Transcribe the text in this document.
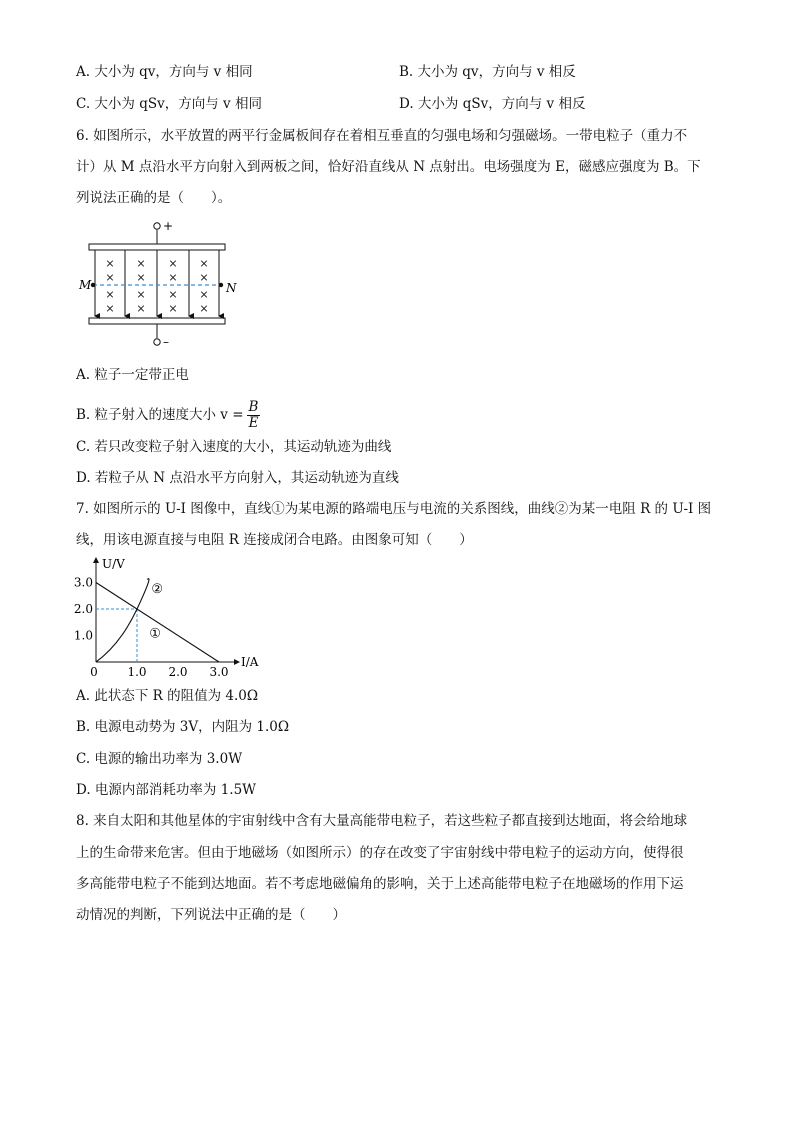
A. 大小为 qv，方向与 v 相同	B. 大小为 qv，方向与 v 相反
C. 大小为 qSv，方向与 v 相同	D. 大小为 qSv，方向与 v 相反
6. 如图所示，水平放置的两平行金属板间存在着相互垂直的匀强电场和匀强磁场。一带电粒子（重力不
计）从 M 点沿水平方向射入到两板之间，恰好沿直线从 N 点射出。电场强度为 E，磁感应强度为 B。下
列说法正确的是（　　）。
+
–
M	N
×
×
×
×
×
×
×
×
×
×
×
×
×
×
×
×
A. 粒子一定带正电
B. 粒子射入的速度大小 $v = \frac{B}{E}$
C. 若只改变粒子射入速度的大小，其运动轨迹为曲线
D. 若粒子从 N 点沿水平方向射入，其运动轨迹为直线
7. 如图所示的 U-I 图像中，直线①为某电源的路端电压与电流的关系图线，曲线②为某一电阻 R 的 U-I 图
线，用该电源直接与电阻 R 连接成闭合电路。由图象可知（　　）
U/V
I/A
0 1.0 2.0 3.0
1.0
2.0
3.0
①
②
A. 此状态下 R 的阻值为 4.0Ω
B. 电源电动势为 3V，内阻为 1.0Ω
C. 电源的输出功率为 3.0W
D. 电源内部消耗功率为 1.5W
8. 来自太阳和其他星体的宇宙射线中含有大量高能带电粒子，若这些粒子都直接到达地面，将会给地球
上的生命带来危害。但由于地磁场（如图所示）的存在改变了宇宙射线中带电粒子的运动方向，使得很
多高能带电粒子不能到达地面。若不考虑地磁偏角的影响，关于上述高能带电粒子在地磁场的作用下运
动情况的判断，下列说法中正确的是（　　）
